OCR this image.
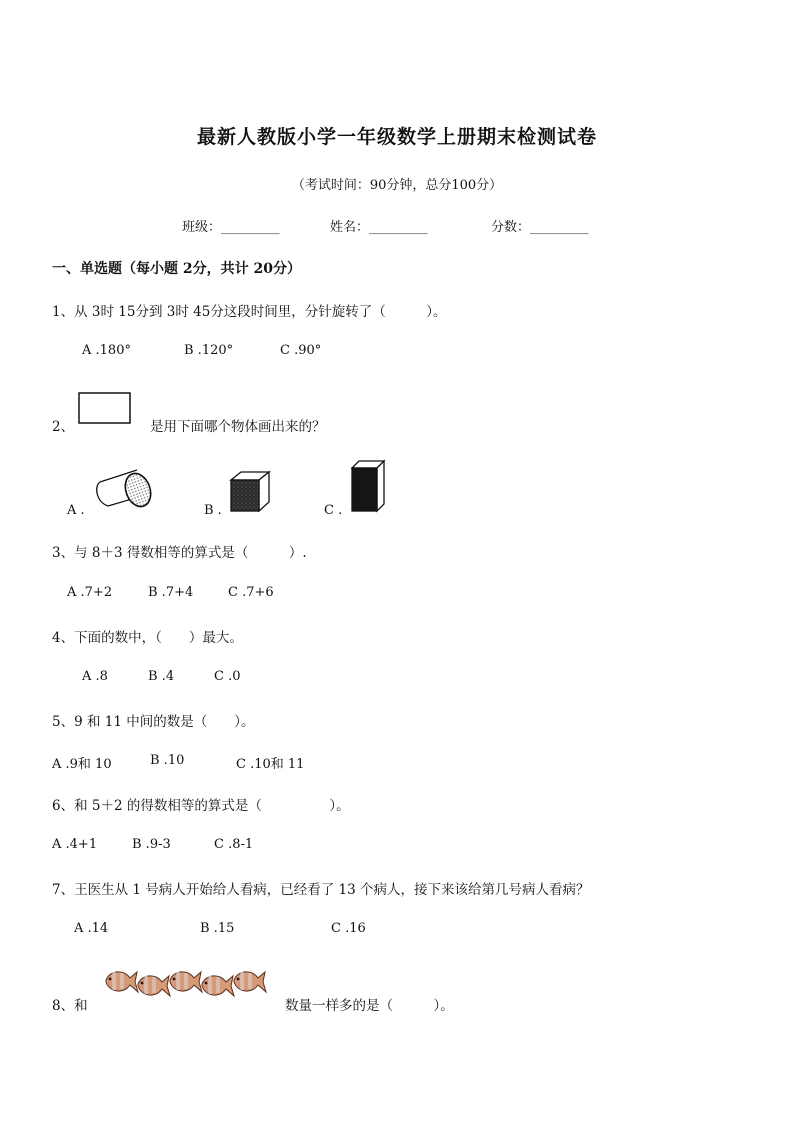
最新人教版小学一年级数学上册期末检测试卷
（考试时间：90分钟，总分100分）
班级：_________	姓名：_________	分数：_________
一、单选题（每小题 2分，共计 20分）
1、从 3时 15分到 3时 45分这段时间里，分针旋转了（　　　）。
A .180°	B .120°	C .90°
2、	是用下面哪个物体画出来的？
A .	B .	C .
3、与 8＋3 得数相等的算式是（　　　）.
A .7+2	B .7+4	C .7+6
4、下面的数中，（　　）最大。
A .8	B .4	C .0
5、9 和 11 中间的数是（　　）。
A .9和 10	B .10	C .10和 11
6、和 5＋2 的得数相等的算式是（　　　　　）。
A .4+1	B .9-3	C .8-1
7、王医生从 1 号病人开始给人看病，已经看了 13 个病人，接下来该给第几号病人看病？
A .14	B .15	C .16
8、和	数量一样多的是（　　　）。
